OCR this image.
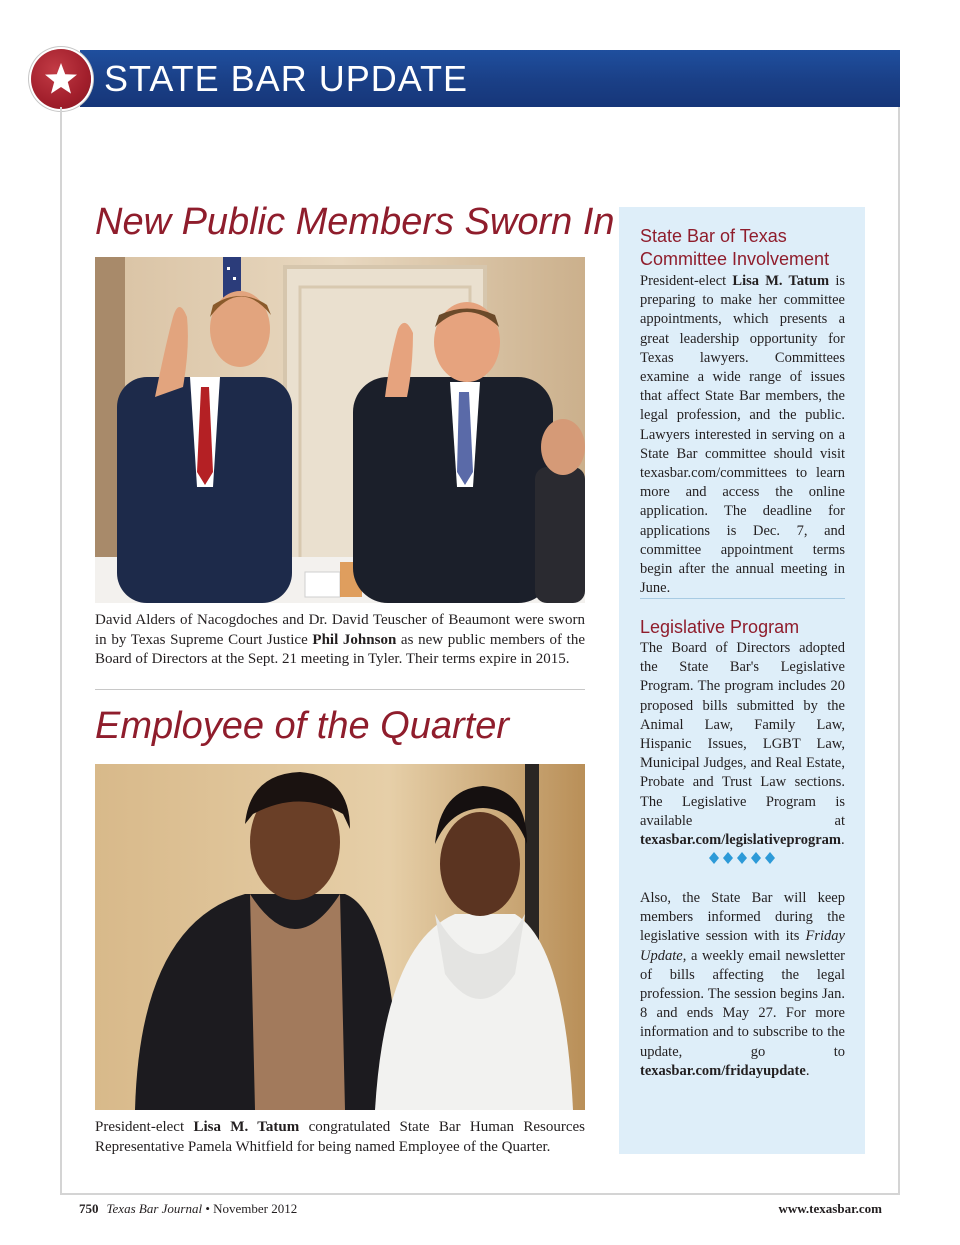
STATE BAR UPDATE
New Public Members Sworn In
David Alders of Nacogdoches and Dr. David Teuscher of Beaumont were sworn in by Texas Supreme Court Justice Phil Johnson as new public members of the Board of Directors at the Sept. 21 meeting in Tyler. Their terms expire in 2015.
Employee of the Quarter
President-elect Lisa M. Tatum congratulated State Bar Human Resources Representative Pamela Whitfield for being named Employee of the Quarter.
State Bar of Texas Committee Involvement
President-elect Lisa M. Tatum is preparing to make her committee appointments, which presents a great leadership opportunity for Texas lawyers. Committees examine a wide range of issues that affect State Bar members, the legal profession, and the public. Lawyers interested in serving on a State Bar committee should visit texasbar.com/committees to learn more and access the online application. The deadline for applications is Dec. 7, and committee appointment terms begin after the annual meeting in June.
Legislative Program
The Board of Directors adopted the State Bar's Legislative Program. The program includes 20 proposed bills submitted by the Animal Law, Family Law, Hispanic Issues, LGBT Law, Municipal Judges, and Real Estate, Probate and Trust Law sections. The Legislative Program is available at texasbar.com/legislativeprogram.
Also, the State Bar will keep members informed during the legislative session with its Friday Update, a weekly email newsletter of bills affecting the legal profession. The session begins Jan. 8 and ends May 27. For more information and to subscribe to the update, go to texasbar.com/fridayupdate.
750 Texas Bar Journal • November 2012	www.texasbar.com
